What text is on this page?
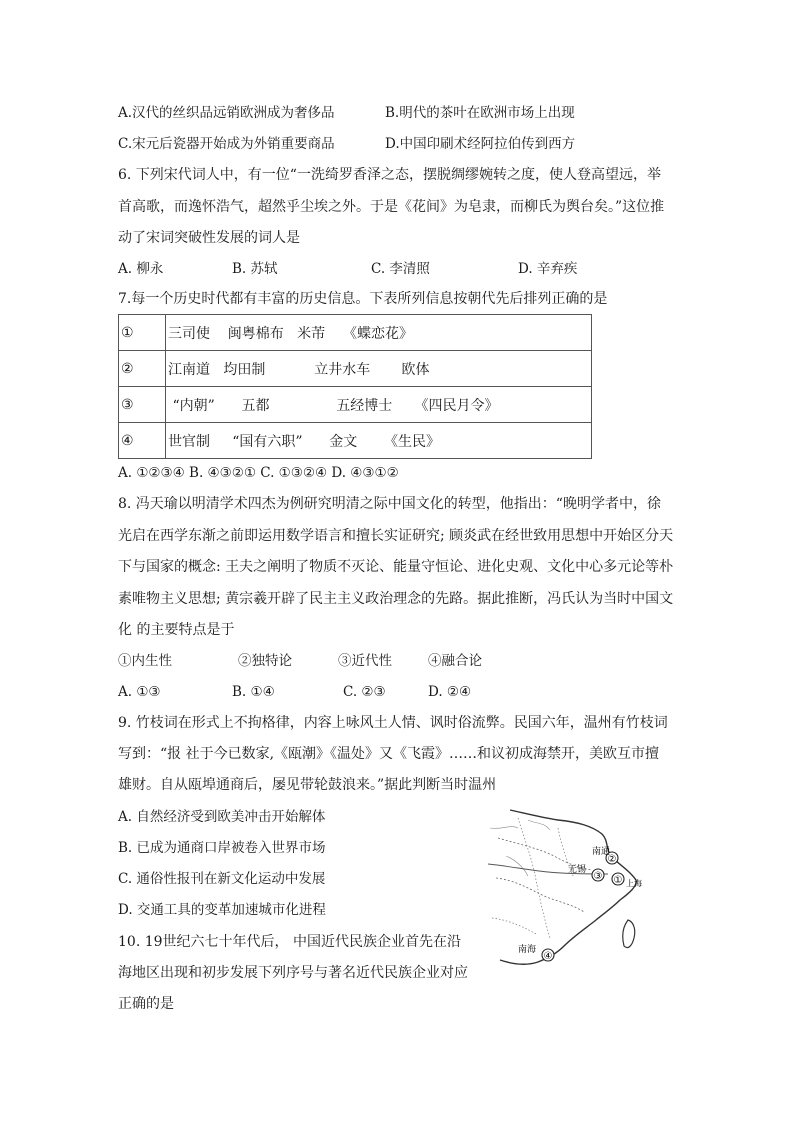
A.汉代的丝织品远销欧洲成为奢侈品	B.明代的茶叶在欧洲市场上出现
C.宋元后瓷器开始成为外销重要商品	D.中国印刷术经阿拉伯传到西方
6. 下列宋代词人中，有一位“一洗绮罗香泽之态，摆脱绸缪婉转之度，使人登高望远，举
首高歌，而逸怀浩气，超然乎尘埃之外。于是《花间》为皂隶，而柳氏为舆台矣。”这位推
动了宋词突破性发展的词人是
A. 柳永	B. 苏轼	C. 李清照	D. 辛弃疾
7.每一个历史时代都有丰富的历史信息。下表所列信息按朝代先后排列正确的是
①	三司使    闽粤棉布   米芾    《蝶恋花》
②	江南道   均田制           立井水车       欧体
③	“内朝”      五都               五经博士     《四民月令》
④	世官制     “国有六职”      金文      《生民》
A. ①②③④ B. ④③②① C. ①③②④ D. ④③①②
8. 冯天瑜以明清学术四杰为例研究明清之际中国文化的转型，他指出：“晚明学者中，徐
光启在西学东渐之前即运用数学语言和擅长实证研究; 顾炎武在经世致用思想中开始区分天
下与国家的概念: 王夫之阐明了物质不灭论、能量守恒论、进化史观、文化中心多元论等朴
素唯物主义思想; 黄宗羲开辟了民主主义政治理念的先路。据此推断，冯氏认为当时中国文
化 的主要特点是于
①内生性	②独特论	③近代性	④融合论
A. ①③	B. ①④	C. ②③	D. ②④
9. 竹枝词在形式上不拘格律，内容上咏风土人情、讽时俗流弊。民国六年，温州有竹枝词
写到：“报 社于今已数家,《瓯潮》《温处》又《飞霞》……和议初成海禁开，美欧互市擅
雄财。自从瓯埠通商后，屡见带轮鼓浪来。”据此判断当时温州
A. 自然经济受到欧美冲击开始解体
B. 已成为通商口岸被卷入世界市场
C. 通俗性报刊在新文化运动中发展
D. 交通工具的变革加速城市化进程
10. 19世纪六七十年代后， 中国近代民族企业首先在沿
海地区出现和初步发展下列序号与著名近代民族企业对应
正确的是
②
③ ①
④
南通
无锡
上海
南海
